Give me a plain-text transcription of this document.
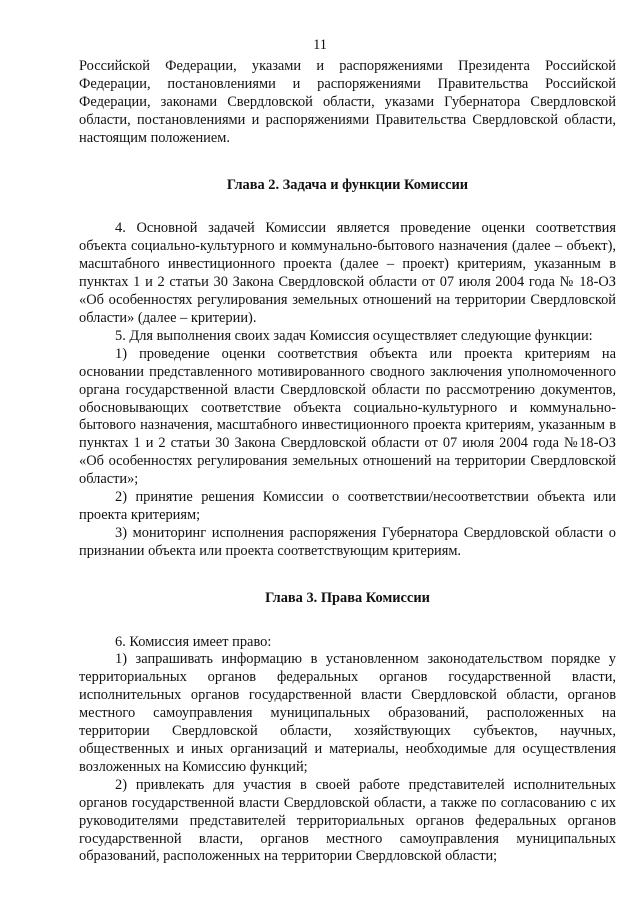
11

Российской Федерации, указами и распоряжениями Президента Российской Федерации, постановлениями и распоряжениями Правительства Российской Федерации, законами Свердловской области, указами Губернатора Свердловской области, постановлениями и распоряжениями Правительства Свердловской области, настоящим положением.

Глава 2. Задача и функции Комиссии

4. Основной задачей Комиссии является проведение оценки соответствия объекта социально-культурного и коммунально-бытового назначения (далее – объект), масштабного инвестиционного проекта (далее – проект) критериям, указанным в пунктах 1 и 2 статьи 30 Закона Свердловской области от 07 июля 2004 года № 18-ОЗ «Об особенностях регулирования земельных отношений на территории Свердловской области» (далее – критерии).

5. Для выполнения своих задач Комиссия осуществляет следующие функции:

1) проведение оценки соответствия объекта или проекта критериям на основании представленного мотивированного сводного заключения уполномоченного органа государственной власти Свердловской области по рассмотрению документов, обосновывающих соответствие объекта социально-культурного и коммунально-бытового назначения, масштабного инвестиционного проекта критериям, указанным в пунктах 1 и 2 статьи 30 Закона Свердловской области от 07 июля 2004 года №18-ОЗ «Об особенностях регулирования земельных отношений на территории Свердловской области»;

2) принятие решения Комиссии о соответствии/несоответствии объекта или проекта критериям;

3) мониторинг исполнения распоряжения Губернатора Свердловской области о признании объекта или проекта соответствующим критериям.

Глава 3. Права Комиссии

6. Комиссия имеет право:

1) запрашивать информацию в установленном законодательством порядке у территориальных органов федеральных органов государственной власти, исполнительных органов государственной власти Свердловской области, органов местного самоуправления муниципальных образований, расположенных на территории Свердловской области, хозяйствующих субъектов, научных, общественных и иных организаций и материалы, необходимые для осуществления возложенных на Комиссию функций;

2) привлекать для участия в своей работе представителей исполнительных органов государственной власти Свердловской области, а также по согласованию с их руководителями представителей территориальных органов федеральных органов государственной власти, органов местного самоуправления муниципальных образований, расположенных на территории Свердловской области;
